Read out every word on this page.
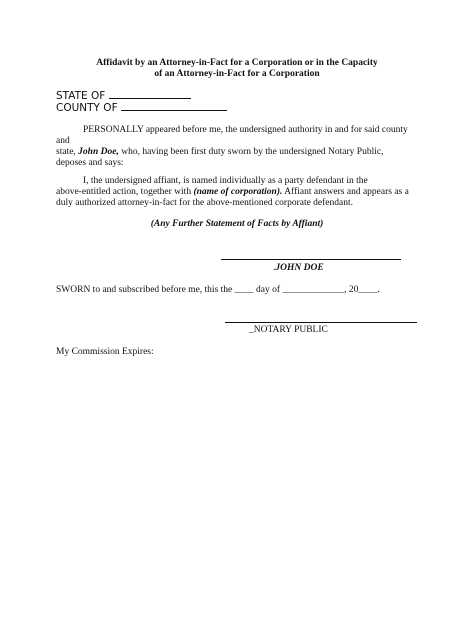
Affidavit by an Attorney-in-Fact for a Corporation or in the Capacity
of an Attorney-in-Fact for a Corporation
STATE OF
COUNTY OF
PERSONALLY appeared before me, the undersigned authority in and for said county
and
state, John Doe, who, having been first duty sworn by the undersigned Notary Public,
deposes and says:
I, the undersigned affiant, is named individually as a party defendant in the
above-entitled action, together with (name of corporation). Affiant answers and appears as a
duly authorized attorney-in-fact for the above-mentioned corporate defendant.
(Any Further Statement of Facts by Affiant)
.JOHN DOE
SWORN to and subscribed before me, this the ____ day of _____________, 20____.
_NOTARY PUBLIC
My Commission Expires:
